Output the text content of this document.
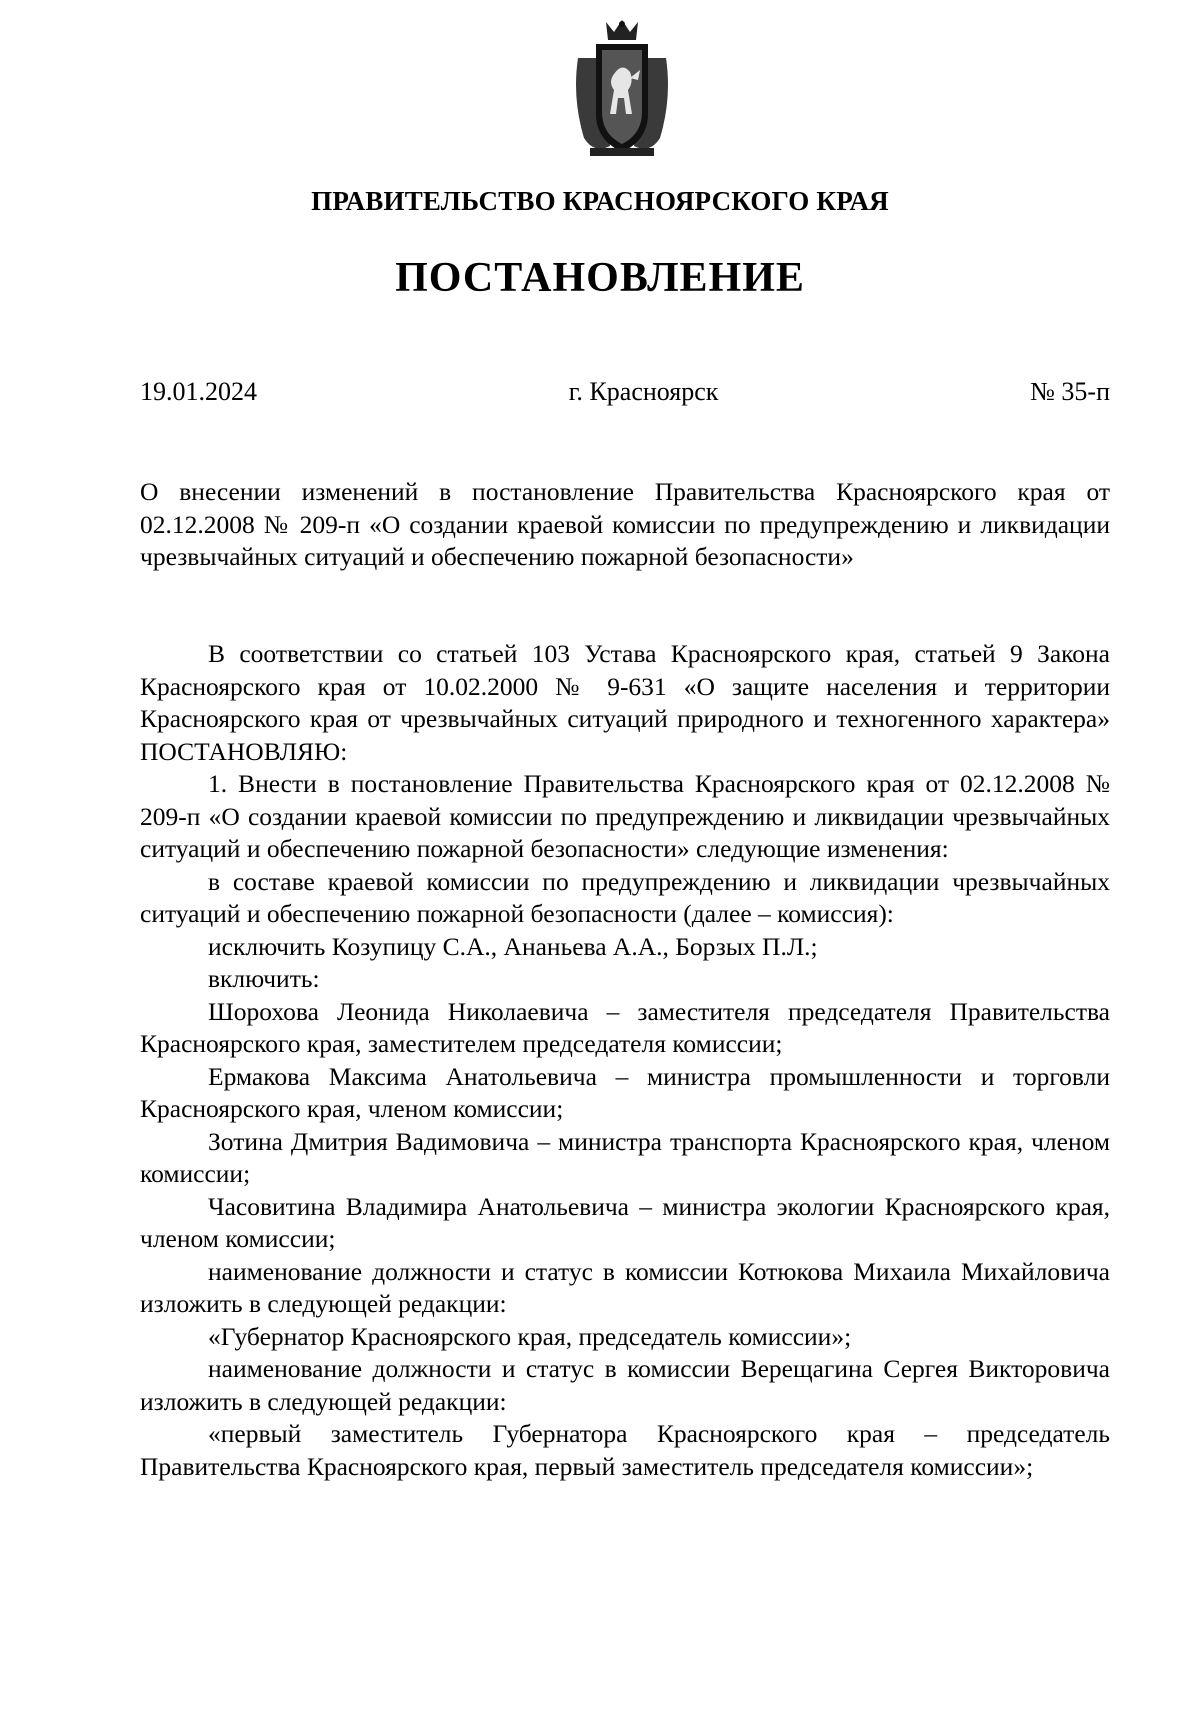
ПРАВИТЕЛЬСТВО КРАСНОЯРСКОГО КРАЯ
ПОСТАНОВЛЕНИЕ
19.01.2024	г. Красноярск	№ 35-п
О внесении изменений в постановление Правительства Красноярского края от 02.12.2008 № 209-п «О создании краевой комиссии по предупреждению и ликвидации чрезвычайных ситуаций и обеспечению пожарной безопасности»

В соответствии со статьей 103 Устава Красноярского края, статьей 9 Закона Красноярского края от 10.02.2000 № 9-631 «О защите населения и территории Красноярского края от чрезвычайных ситуаций природного и техногенного характера» ПОСТАНОВЛЯЮ:

1. Внести в постановление Правительства Красноярского края от 02.12.2008 № 209-п «О создании краевой комиссии по предупреждению и ликвидации чрезвычайных ситуаций и обеспечению пожарной безопасности» следующие изменения:

в составе краевой комиссии по предупреждению и ликвидации чрезвычайных ситуаций и обеспечению пожарной безопасности (далее – комиссия):

исключить Козупицу С.А., Ананьева А.А., Борзых П.Л.;

включить:

Шорохова Леонида Николаевича – заместителя председателя Правительства Красноярского края, заместителем председателя комиссии;

Ермакова Максима Анатольевича – министра промышленности и торговли Красноярского края, членом комиссии;

Зотина Дмитрия Вадимовича – министра транспорта Красноярского края, членом комиссии;

Часовитина Владимира Анатольевича – министра экологии Красноярского края, членом комиссии;

наименование должности и статус в комиссии Котюкова Михаила Михайловича изложить в следующей редакции:

«Губернатор Красноярского края, председатель комиссии»;

наименование должности и статус в комиссии Верещагина Сергея Викторовича изложить в следующей редакции:

«первый заместитель Губернатора Красноярского края – председатель Правительства Красноярского края, первый заместитель председателя комиссии»;
